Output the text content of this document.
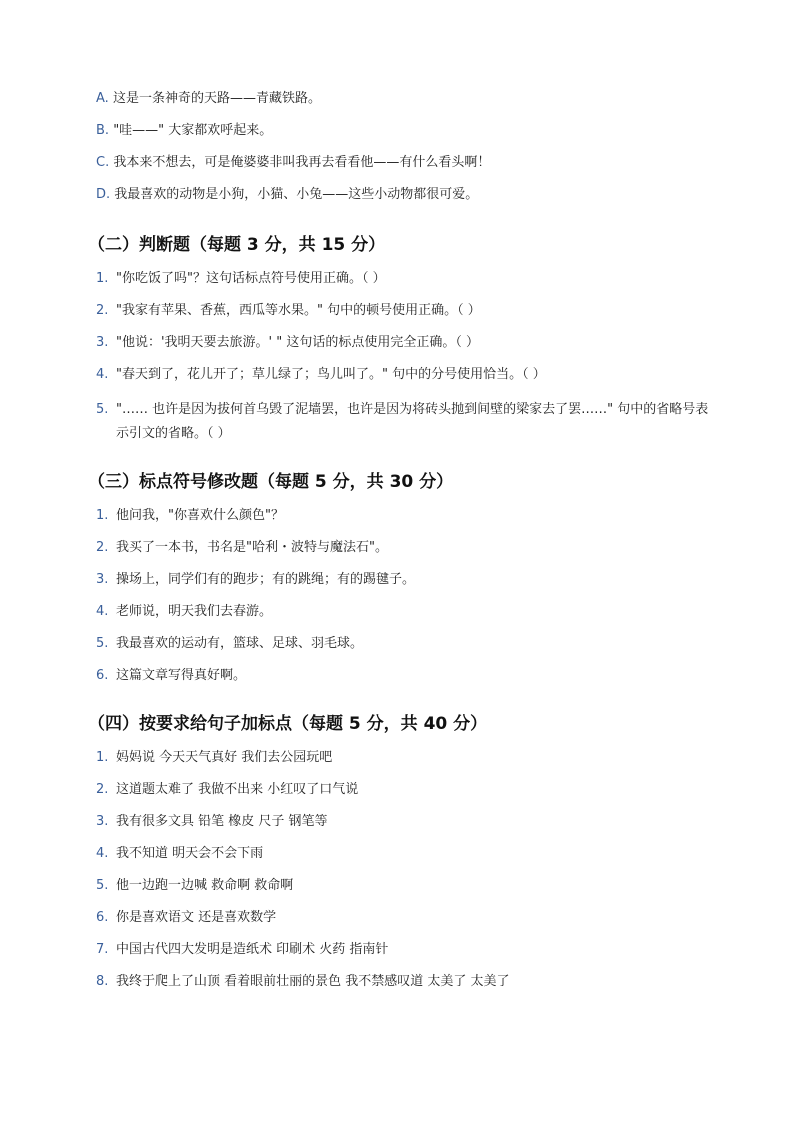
A. 这是一条神奇的天路——青藏铁路。
B. "哇——" 大家都欢呼起来。
C. 我本来不想去，可是俺婆婆非叫我再去看看他——有什么看头啊！
D. 我最喜欢的动物是小狗，小猫、小兔——这些小动物都很可爱。
（二）判断题（每题 3 分，共 15 分）
1. "你吃饭了吗"？这句话标点符号使用正确。（ ）
2. "我家有苹果、香蕉，西瓜等水果。" 句中的顿号使用正确。（ ）
3. "他说：'我明天要去旅游。' " 这句话的标点使用完全正确。（ ）
4. "春天到了，花儿开了；草儿绿了；鸟儿叫了。" 句中的分号使用恰当。（ ）
5. "…… 也许是因为拔何首乌毁了泥墙罢，也许是因为将砖头抛到间壁的梁家去了罢……" 句中的省略号表示引文的省略。（ ）
（三）标点符号修改题（每题 5 分，共 30 分）
1. 他问我，"你喜欢什么颜色"？
2. 我买了一本书，书名是"哈利・波特与魔法石"。
3. 操场上，同学们有的跑步；有的跳绳；有的踢毽子。
4. 老师说，明天我们去春游。
5. 我最喜欢的运动有，篮球、足球、羽毛球。
6. 这篇文章写得真好啊。
（四）按要求给句子加标点（每题 5 分，共 40 分）
1. 妈妈说 今天天气真好 我们去公园玩吧
2. 这道题太难了 我做不出来 小红叹了口气说
3. 我有很多文具 铅笔 橡皮 尺子 钢笔等
4. 我不知道 明天会不会下雨
5. 他一边跑一边喊 救命啊 救命啊
6. 你是喜欢语文 还是喜欢数学
7. 中国古代四大发明是造纸术 印刷术 火药 指南针
8. 我终于爬上了山顶 看着眼前壮丽的景色 我不禁感叹道 太美了 太美了
